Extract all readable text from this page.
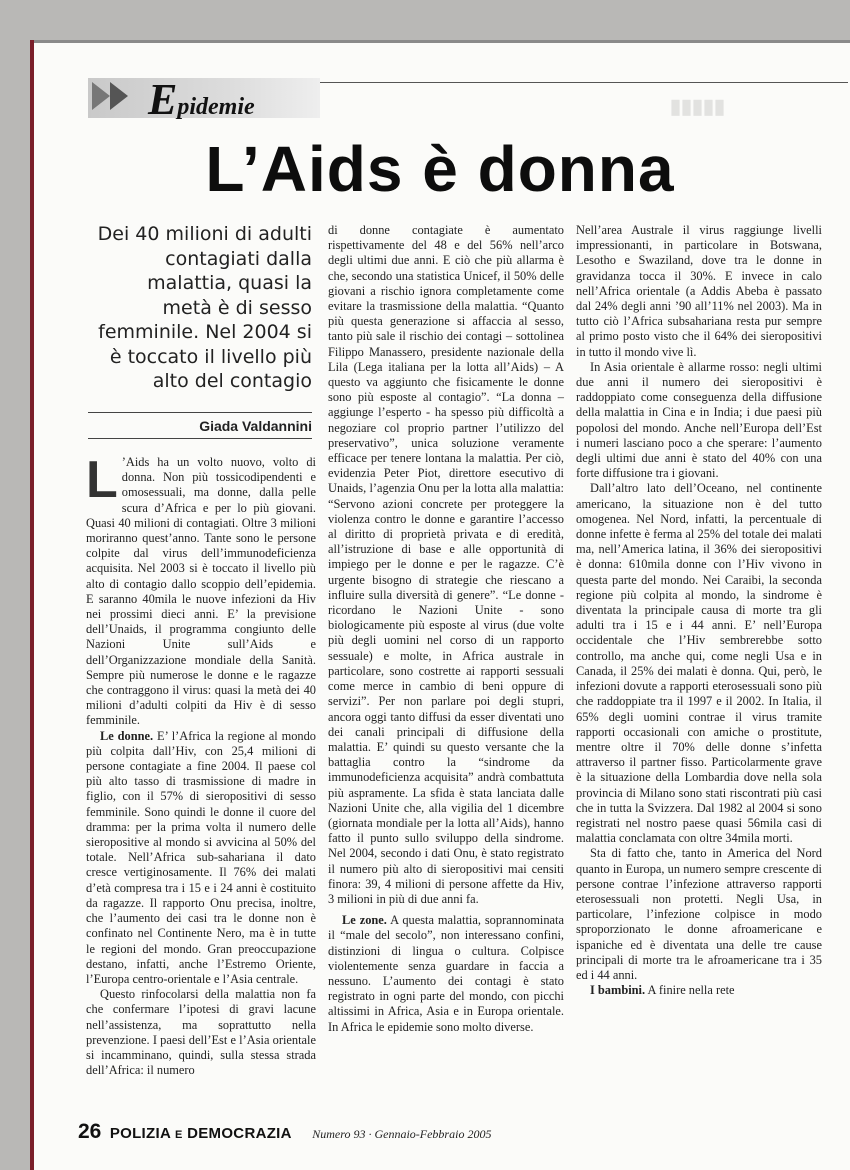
▮▮▮▮▮
Epidemie
L’Aids è donna
Dei 40 milioni di adulti contagiati dalla malattia, quasi la metà è di sesso femminile. Nel 2004 si è toccato il livello più alto del contagio
Giada Valdannini

L ’Aids ha un volto nuovo, volto di donna. Non più tossicodipendenti e omosessuali, ma donne, dalla pelle scura d’Africa e per lo più giovani. Quasi 40 milioni di contagiati. Oltre 3 milioni moriranno quest’anno. Tante sono le persone colpite dal virus dell’immunodeficienza acquisita. Nel 2003 si è toccato il livello più alto di contagio dallo scoppio dell’epidemia. E saranno 40mila le nuove infezioni da Hiv nei prossimi dieci anni. E’ la previsione dell’Unaids, il programma congiunto delle Nazioni Unite sull’Aids e dell’Organizzazione mondiale della Sanità. Sempre più numerose le donne e le ragazze che contraggono il virus: quasi la metà dei 40 milioni d’adulti colpiti da Hiv è di sesso femminile.

Le donne. E’ l’Africa la regione al mondo più colpita dall’Hiv, con 25,4 milioni di persone contagiate a fine 2004. Il paese col più alto tasso di trasmissione di madre in figlio, con il 57% di sieropositivi di sesso femminile. Sono quindi le donne il cuore del dramma: per la prima volta il numero delle sieropositive al mondo si avvicina al 50% del totale. Nell’Africa sub-sahariana il dato cresce vertiginosamente. Il 76% dei malati d’età compresa tra i 15 e i 24 anni è costituito da ragazze. Il rapporto Onu precisa, inoltre, che l’aumento dei casi tra le donne non è confinato nel Continente Nero, ma è in tutte le regioni del mondo. Gran preoccupazione destano, infatti, anche l’Estremo Oriente, l’Europa centro-orientale e l’Asia centrale.

Questo rinfocolarsi della malattia non fa che confermare l’ipotesi di gravi lacune nell’assistenza, ma soprattutto nella prevenzione. I paesi dell’Est e l’Asia orientale si incamminano, quindi, sulla stessa strada dell’Africa: il numero

di donne contagiate è aumentato rispettivamente del 48 e del 56% nell’arco degli ultimi due anni. E ciò che più allarma è che, secondo una statistica Unicef, il 50% delle giovani a rischio ignora completamente come evitare la trasmissione della malattia. “Quanto più questa generazione si affaccia al sesso, tanto più sale il rischio dei contagi – sottolinea Filippo Manassero, presidente nazionale della Lila (Lega italiana per la lotta all’Aids) – A questo va aggiunto che fisicamente le donne sono più esposte al contagio”. “La donna – aggiunge l’esperto - ha spesso più difficoltà a negoziare col proprio partner l’utilizzo del preservativo”, unica soluzione veramente efficace per tenere lontana la malattia. Per ciò, evidenzia Peter Piot, direttore esecutivo di Unaids, l’agenzia Onu per la lotta alla malattia: “Servono azioni concrete per proteggere la violenza contro le donne e garantire l’accesso al diritto di proprietà privata e di eredità, all’istruzione di base e alle opportunità di impiego per le donne e per le ragazze. C’è urgente bisogno di strategie che riescano a influire sulla diversità di genere”. “Le donne - ricordano le Nazioni Unite - sono biologicamente più esposte al virus (due volte più degli uomini nel corso di un rapporto sessuale) e molte, in Africa australe in particolare, sono costrette ai rapporti sessuali come merce in cambio di beni oppure di servizi”. Per non parlare poi degli stupri, ancora oggi tanto diffusi da esser diventati uno dei canali principali di diffusione della malattia. E’ quindi su questo versante che la battaglia contro la “sindrome da immunodeficienza acquisita” andrà combattuta più aspramente. La sfida è stata lanciata dalle Nazioni Unite che, alla vigilia del 1 dicembre (giornata mondiale per la lotta all’Aids), hanno fatto il punto sullo sviluppo della sindrome. Nel 2004, secondo i dati Onu, è stato registrato il numero più alto di sieropositivi mai censiti finora: 39, 4 milioni di persone affette da Hiv, 3 milioni in più di due anni fa.

Le zone. A questa malattia, soprannominata il “male del secolo”, non interessano confini, distinzioni di lingua o cultura. Colpisce violentemente senza guardare in faccia a nessuno. L’aumento dei contagi è stato registrato in ogni parte del mondo, con picchi altissimi in Africa, Asia e in Europa orientale. In Africa le epidemie sono molto diverse.

Nell’area Australe il virus raggiunge livelli impressionanti, in particolare in Botswana, Lesotho e Swaziland, dove tra le donne in gravidanza tocca il 30%. E invece in calo nell’Africa orientale (a Addis Abeba è passato dal 24% degli anni ’90 all’11% nel 2003). Ma in tutto ciò l’Africa subsahariana resta pur sempre al primo posto visto che il 64% dei sieropositivi in tutto il mondo vive lì.

In Asia orientale è allarme rosso: negli ultimi due anni il numero dei sieropositivi è raddoppiato come conseguenza della diffusione della malattia in Cina e in India; i due paesi più popolosi del mondo. Anche nell’Europa dell’Est i numeri lasciano poco a che sperare: l’aumento degli ultimi due anni è stato del 40% con una forte diffusione tra i giovani.

Dall’altro lato dell’Oceano, nel continente americano, la situazione non è del tutto omogenea. Nel Nord, infatti, la percentuale di donne infette è ferma al 25% del totale dei malati ma, nell’America latina, il 36% dei sieropositivi è donna: 610mila donne con l’Hiv vivono in questa parte del mondo. Nei Caraibi, la seconda regione più colpita al mondo, la sindrome è diventata la principale causa di morte tra gli adulti tra i 15 e i 44 anni. E’ nell’Europa occidentale che l’Hiv sembrerebbe sotto controllo, ma anche qui, come negli Usa e in Canada, il 25% dei malati è donna. Qui, però, le infezioni dovute a rapporti eterosessuali sono più che raddoppiate tra il 1997 e il 2002. In Italia, il 65% degli uomini contrae il virus tramite rapporti occasionali con amiche o prostitute, mentre oltre il 70% delle donne s’infetta attraverso il partner fisso. Particolarmente grave è la situazione della Lombardia dove nella sola provincia di Milano sono stati riscontrati più casi che in tutta la Svizzera. Dal 1982 al 2004 si sono registrati nel nostro paese quasi 56mila casi di malattia conclamata con oltre 34mila morti.

Sta di fatto che, tanto in America del Nord quanto in Europa, un numero sempre crescente di persone contrae l’infezione attraverso rapporti eterosessuali non protetti. Negli Usa, in particolare, l’infezione colpisce in modo sproporzionato le donne afroamericane e ispaniche ed è diventata una delle tre cause principali di morte tra le afroamericane tra i 35 ed i 44 anni.

I bambini. A finire nella rete

26 POLIZIA E DEMOCRAZIA Numero 93 · Gennaio-Febbraio 2005
